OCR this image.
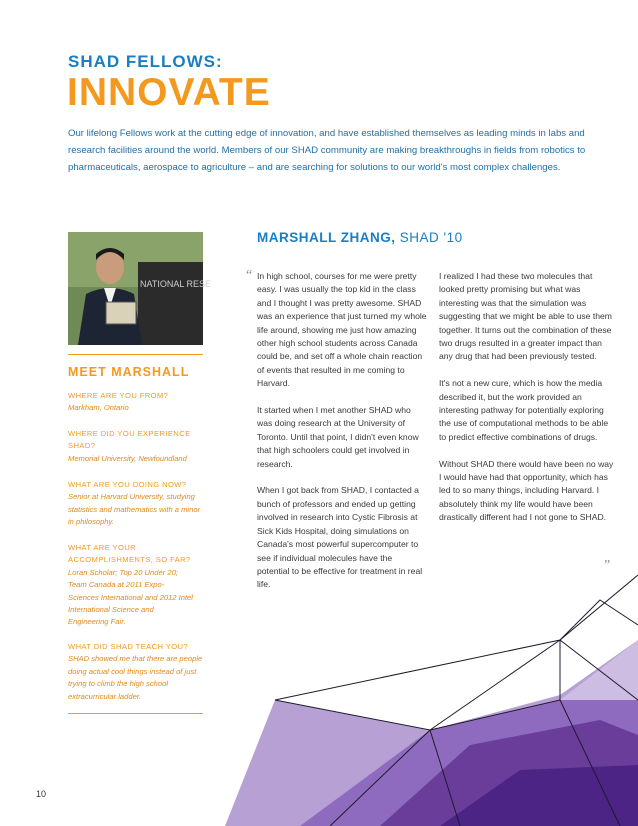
SHAD FELLOWS:
INNOVATE
Our lifelong Fellows work at the cutting edge of innovation, and have established themselves as leading minds in labs and research facilities around the world. Members of our SHAD community are making breakthroughs in fields from robotics to pharmaceuticals, aerospace to agriculture – and are searching for solutions to our world's most complex challenges.
NATIONAL RESE
MEET MARSHALL
WHERE ARE YOU FROM?
Markham, Ontario
WHERE DID YOU EXPERIENCE SHAD?
Memorial University, Newfoundland
WHAT ARE YOU DOING NOW?
Senior at Harvard University, studying statistics and mathematics with a minor in philosophy.
WHAT ARE YOUR ACCOMPLISHMENTS, SO FAR?
Loran Scholar; Top 20 Under 20; Team Canada at 2011 Expo-Sciences International and 2012 Intel International Science and Engineering Fair.
WHAT DID SHAD TEACH YOU?
SHAD showed me that there are people doing actual cool things instead of just trying to climb the high school extracurricular ladder.
MARSHALL ZHANG, SHAD '10
“ In high school, courses for me were pretty easy. I was usually the top kid in the class and I thought I was pretty awesome. SHAD was an experience that just turned my whole life around, showing me just how amazing other high school students across Canada could be, and set off a whole chain reaction of events that resulted in me coming to Harvard.

It started when I met another SHAD who was doing research at the University of Toronto. Until that point, I didn't even know that high schoolers could get involved in research.

When I got back from SHAD, I contacted a bunch of professors and ended up getting involved in research into Cystic Fibrosis at Sick Kids Hospital, doing simulations on Canada's most powerful supercomputer to see if individual molecules have the potential to be effective for treatment in real life.

I realized I had these two molecules that looked pretty promising but what was interesting was that the simulation was suggesting that we might be able to use them together. It turns out the combination of these two drugs resulted in a greater impact than any drug that had been previously tested.

It's not a new cure, which is how the media described it, but the work provided an interesting pathway for potentially exploring the use of computational methods to be able to predict effective combinations of drugs.

Without SHAD there would have been no way I would have had that opportunity, which has led to so many things, including Harvard. I absolutely think my life would have been drastically different had I not gone to SHAD.

”
10
